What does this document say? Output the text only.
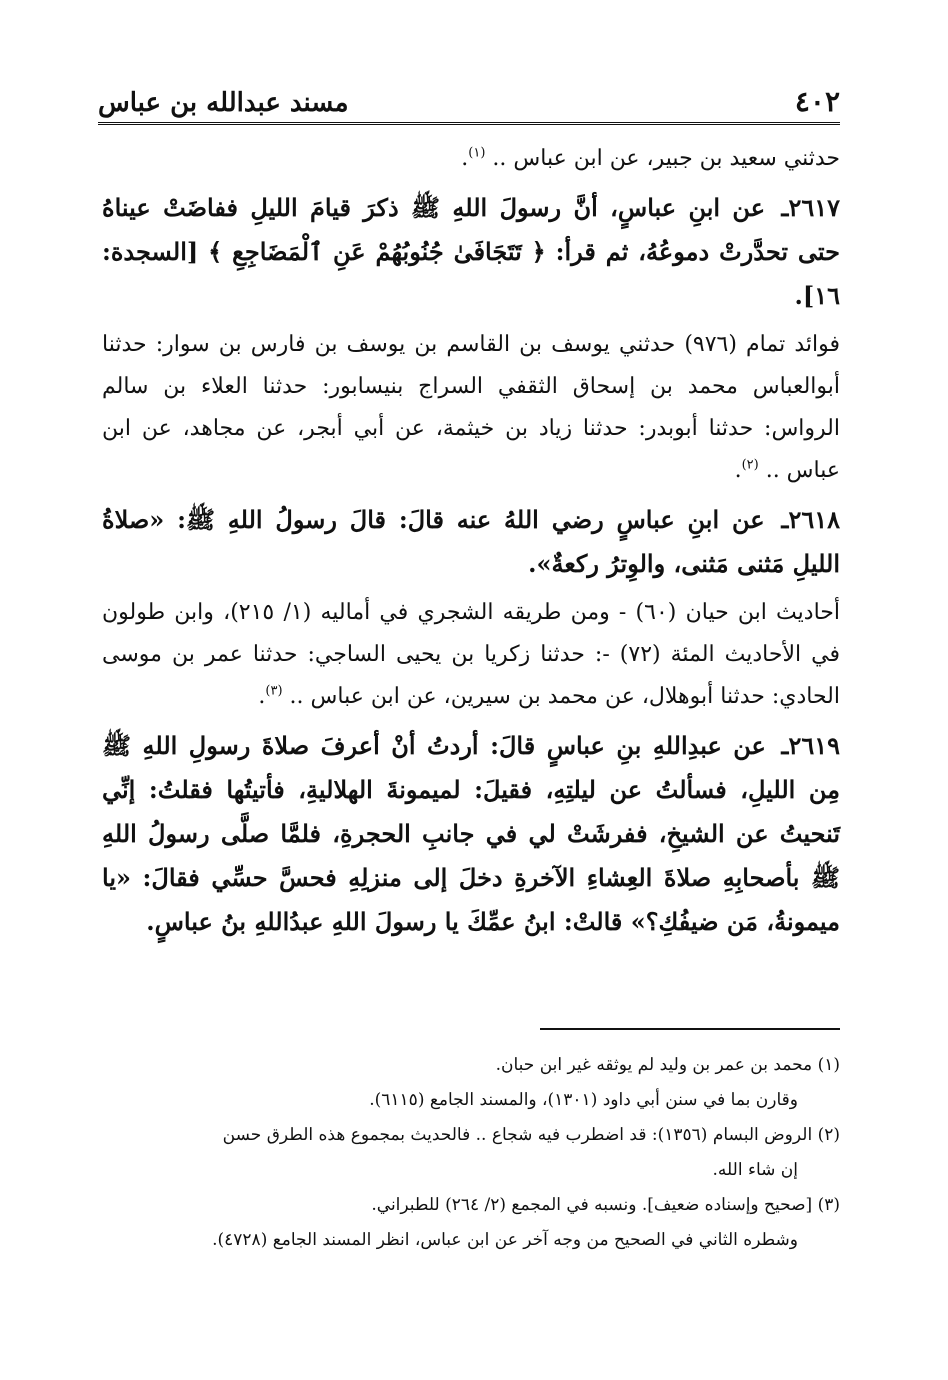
٤٠٢
مسند عبدالله بن عباس

حدثني سعيد بن جبير، عن ابن عباس .. $^{(١)}$.

٢٦١٧ـ عن ابنِ عباسٍ، أنَّ رسولَ اللهِ ﷺ ذكرَ قيامَ الليلِ ففاضَتْ عيناهُ حتى تحدَّرتْ دموعُهُ، ثم قرأ: ﴿ تَتَجَافَىٰ جُنُوبُهُمْ عَنِ ٱلْمَضَاجِعِ ﴾ [السجدة: ١٦].

فوائد تمام (٩٧٦) حدثني يوسف بن القاسم بن يوسف بن فارس بن سوار: حدثنا أبوالعباس محمد بن إسحاق الثقفي السراج بنيسابور: حدثنا العلاء بن سالم الرواس: حدثنا أبوبدر: حدثنا زياد بن خيثمة، عن أبي أبجر، عن مجاهد، عن ابن عباس .. $^{(٢)}$.

٢٦١٨ـ عن ابنِ عباسٍ رضي اللهُ عنه قالَ: قالَ رسولُ اللهِ ﷺ: «صلاةُ الليلِ مَثنى مَثنى، والوِترُ ركعةٌ».

أحاديث ابن حيان (٦٠) - ومن طريقه الشجري في أماليه (١/ ٢١٥)، وابن طولون في الأحاديث المئة (٧٢) -: حدثنا زكريا بن يحيى الساجي: حدثنا عمر بن موسى الحادي: حدثنا أبوهلال، عن محمد بن سيرين، عن ابن عباس .. $^{(٣)}$.

٢٦١٩ـ عن عبدِاللهِ بنِ عباسٍ قالَ: أردتُ أنْ أعرفَ صلاةَ رسولِ اللهِ ﷺ مِن الليلِ، فسألتُ عن ليلتِهِ، فقيلَ: لميمونةَ الهلاليةِ، فأتيتُها فقلتُ: إنِّي تَنحيتُ عن الشيخِ، ففرشَتْ لي في جانبِ الحجرةِ، فلمَّا صلَّى رسولُ اللهِ ﷺ بأصحابِهِ صلاةَ العِشاءِ الآخرةِ دخلَ إلى منزلِهِ فحسَّ حسِّي فقالَ: «يا ميمونةُ، مَن ضيفُكِ؟» قالتْ: ابنُ عمِّكَ يا رسولَ اللهِ عبدُاللهِ بنُ عباسٍ.

(١) محمد بن عمر بن وليد لم يوثقه غير ابن حبان.

وقارن بما في سنن أبي داود (١٣٠١)، والمسند الجامع (٦١١٥).

(٢) الروض البسام (١٣٥٦): قد اضطرب فيه شجاع .. فالحديث بمجموع هذه الطرق حسن

إن شاء الله.

(٣) [صحيح وإسناده ضعيف]. ونسبه في المجمع (٢/ ٢٦٤) للطبراني.

وشطره الثاني في الصحيح من وجه آخر عن ابن عباس، انظر المسند الجامع (٤٧٢٨).
